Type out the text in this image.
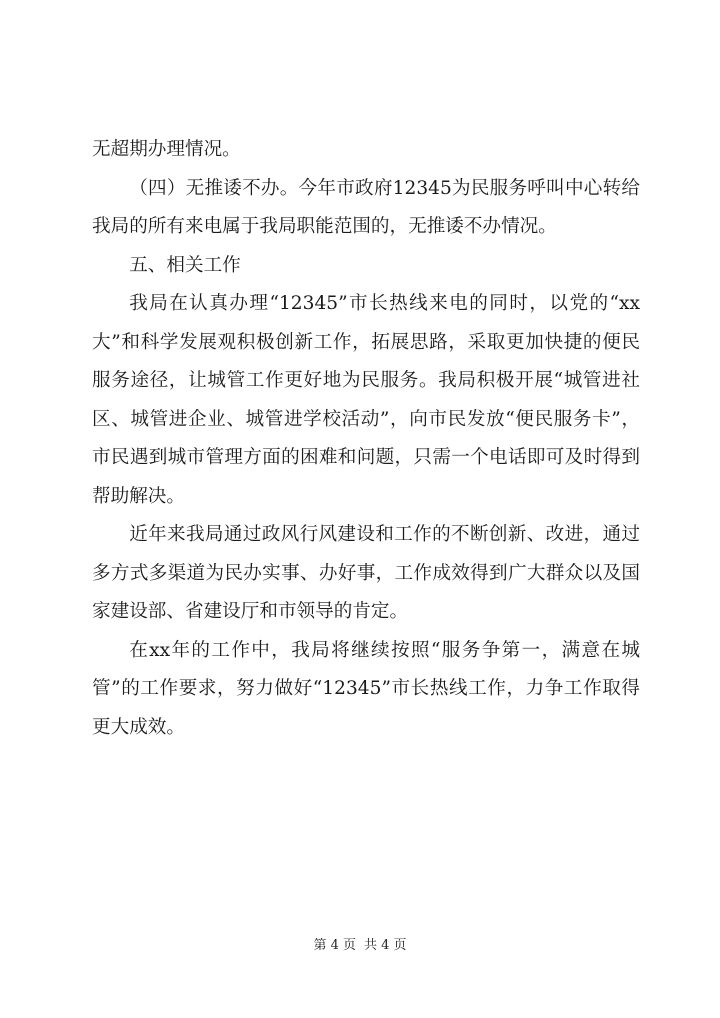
无超期办理情况。

（四）无推诿不办。今年市政府12345为民服务呼叫中心转给我局的所有来电属于我局职能范围的，无推诿不办情况。

五、相关工作

我局在认真办理“12345”市长热线来电的同时，以党的“xx大”和科学发展观积极创新工作，拓展思路，采取更加快捷的便民服务途径，让城管工作更好地为民服务。我局积极开展“城管进社区、城管进企业、城管进学校活动”，向市民发放“便民服务卡”，市民遇到城市管理方面的困难和问题，只需一个电话即可及时得到帮助解决。

近年来我局通过政风行风建设和工作的不断创新、改进，通过多方式多渠道为民办实事、办好事，工作成效得到广大群众以及国家建设部、省建设厅和市领导的肯定。

在xx年的工作中，我局将继续按照“服务争第一，满意在城管”的工作要求，努力做好“12345”市长热线工作，力争工作取得更大成效。

第 4 页 共 4 页
